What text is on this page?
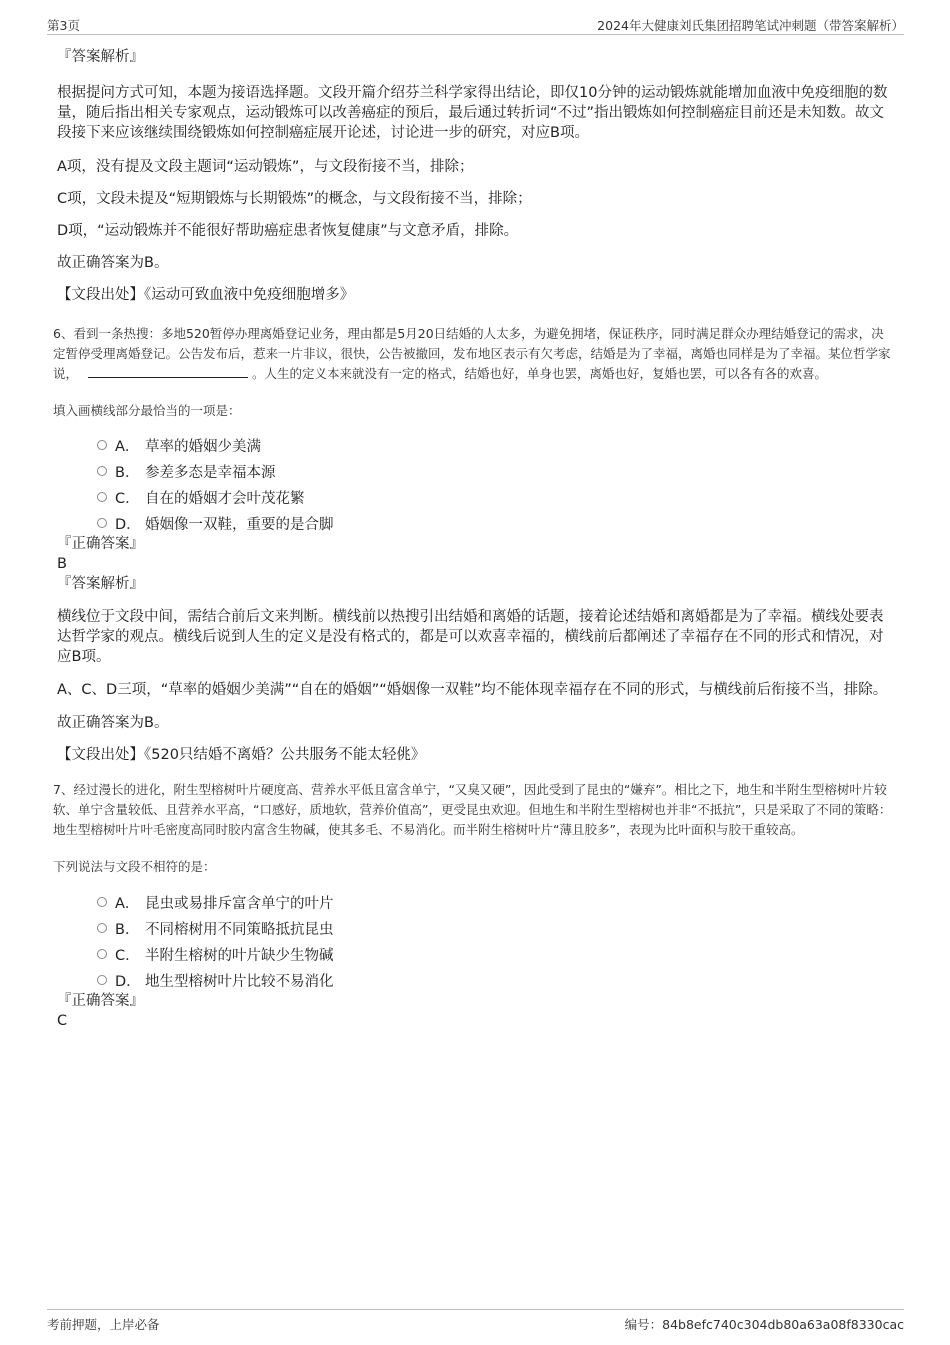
第3页	2024年大健康刘氏集团招聘笔试冲刺题（带答案解析）
『答案解析』

根据提问方式可知，本题为接语选择题。文段开篇介绍芬兰科学家得出结论，即仅10分钟的运动锻炼就能增加血液中免疫细胞的数量，随后指出相关专家观点，运动锻炼可以改善癌症的预后，最后通过转折词“不过”指出锻炼如何控制癌症目前还是未知数。故文段接下来应该继续围绕锻炼如何控制癌症展开论述，讨论进一步的研究，对应B项。

A项，没有提及文段主题词“运动锻炼”，与文段衔接不当，排除；

C项，文段未提及“短期锻炼与长期锻炼”的概念，与文段衔接不当，排除；

D项，“运动锻炼并不能很好帮助癌症患者恢复健康”与文意矛盾，排除。

故正确答案为B。

【文段出处】《运动可致血液中免疫细胞增多》

6、看到一条热搜：多地520暂停办理离婚登记业务，理由都是5月20日结婚的人太多，为避免拥堵，保证秩序，同时满足群众办理结婚登记的需求，决定暂停受理离婚登记。公告发布后，惹来一片非议，很快，公告被撤回，发布地区表示有欠考虑，结婚是为了幸福，离婚也同样是为了幸福。某位哲学家说，	。人生的定义本来就没有一定的格式，结婚也好，单身也罢，离婚也好，复婚也罢，可以各有各的欢喜。

填入画横线部分最恰当的一项是：
A． 草率的婚姻少美满
B． 参差多态是幸福本源
C． 自在的婚姻才会叶茂花繁
D． 婚姻像一双鞋，重要的是合脚
『正确答案』
B
『答案解析』

横线位于文段中间，需结合前后文来判断。横线前以热搜引出结婚和离婚的话题，接着论述结婚和离婚都是为了幸福。横线处要表达哲学家的观点。横线后说到人生的定义是没有格式的，都是可以欢喜幸福的，横线前后都阐述了幸福存在不同的形式和情况，对应B项。

A、C、D三项，“草率的婚姻少美满”“自在的婚姻”“婚姻像一双鞋”均不能体现幸福存在不同的形式，与横线前后衔接不当，排除。

故正确答案为B。

【文段出处】《520只结婚不离婚？公共服务不能太轻佻》

7、经过漫长的进化，附生型榕树叶片硬度高、营养水平低且富含单宁，“又臭又硬”，因此受到了昆虫的“嫌弃”。相比之下，地生和半附生型榕树叶片较软、单宁含量较低、且营养水平高，“口感好，质地软，营养价值高”，更受昆虫欢迎。但地生和半附生型榕树也并非“不抵抗”，只是采取了不同的策略：地生型榕树叶片叶毛密度高同时胶内富含生物碱，使其多毛、不易消化。而半附生榕树叶片“薄且胶多”，表现为比叶面积与胶干重较高。

下列说法与文段不相符的是：
A． 昆虫或易排斥富含单宁的叶片
B． 不同榕树用不同策略抵抗昆虫
C． 半附生榕树的叶片缺少生物碱
D． 地生型榕树叶片比较不易消化
『正确答案』
C
考前押题，上岸必备	编号：84b8efc740c304db80a63a08f8330cac
